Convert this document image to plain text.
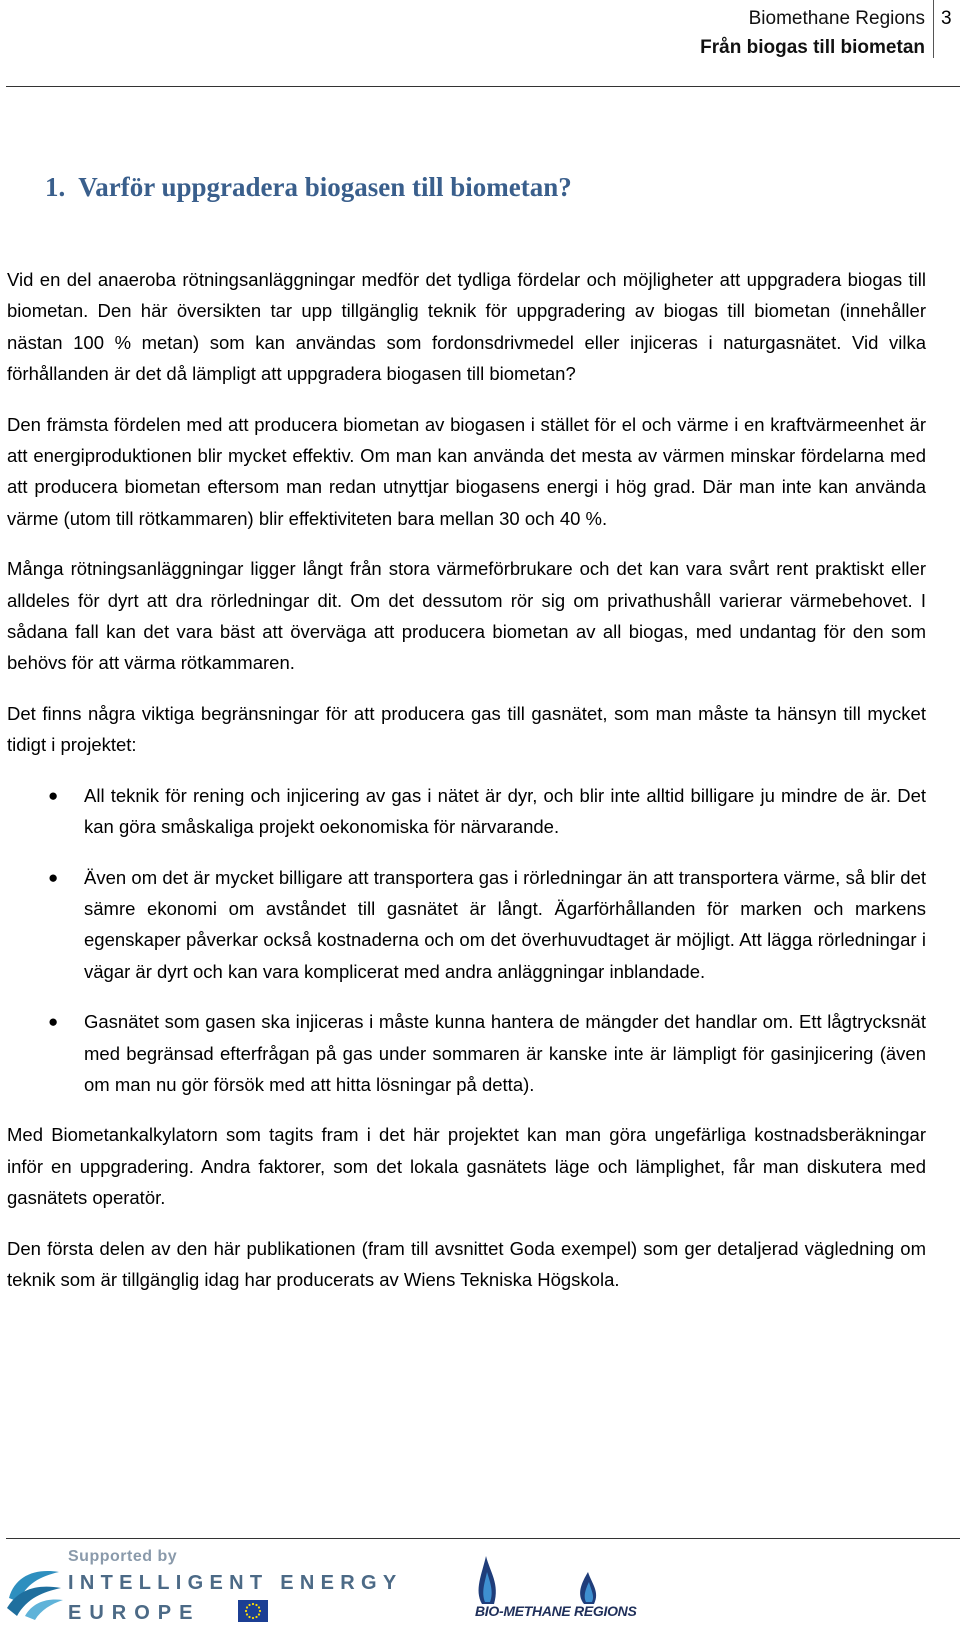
Biomethane Regions
Från biogas till biometan
3
1.  Varför uppgradera biogasen till biometan?

Vid en del anaeroba rötningsanläggningar medför det tydliga fördelar och möjligheter att uppgradera biogas till biometan. Den här översikten tar upp tillgänglig teknik för uppgradering av biogas till biometan (innehåller nästan 100 % metan) som kan användas som fordonsdrivmedel eller injiceras i naturgasnätet. Vid vilka förhållanden är det då lämpligt att uppgradera biogasen till biometan?

Den främsta fördelen med att producera biometan av biogasen i stället för el och värme i en kraftvärmeenhet är att energiproduktionen blir mycket effektiv. Om man kan använda det mesta av värmen minskar fördelarna med att producera biometan eftersom man redan utnyttjar biogasens energi i hög grad. Där man inte kan använda värme (utom till rötkammaren) blir effektiviteten bara mellan 30 och 40 %.

Många rötningsanläggningar ligger långt från stora värmeförbrukare och det kan vara svårt rent praktiskt eller alldeles för dyrt att dra rörledningar dit. Om det dessutom rör sig om privathushåll varierar värmebehovet. I sådana fall kan det vara bäst att överväga att producera biometan av all biogas, med undantag för den som behövs för att värma rötkammaren.

Det finns några viktiga begränsningar för att producera gas till gasnätet, som man måste ta hänsyn till mycket tidigt i projektet:

● All teknik för rening och injicering av gas i nätet är dyr, och blir inte alltid billigare ju mindre de är. Det kan göra småskaliga projekt oekonomiska för närvarande.
● Även om det är mycket billigare att transportera gas i rörledningar än att transportera värme, så blir det sämre ekonomi om avståndet till gasnätet är långt. Ägarförhållanden för marken och markens egenskaper påverkar också kostnaderna och om det överhuvudtaget är möjligt. Att lägga rörledningar i vägar är dyrt och kan vara komplicerat med andra anläggningar inblandade.
● Gasnätet som gasen ska injiceras i måste kunna hantera de mängder det handlar om. Ett lågtrycksnät med begränsad efterfrågan på gas under sommaren är kanske inte är lämpligt för gasinjicering (även om man nu gör försök med att hitta lösningar på detta).

Med Biometankalkylatorn som tagits fram i det här projektet kan man göra ungefärliga kostnadsberäkningar inför en uppgradering. Andra faktorer, som det lokala gasnätets läge och lämplighet, får man diskutera med gasnätets operatör.

Den första delen av den här publikationen (fram till avsnittet Goda exempel) som ger detaljerad vägledning om teknik som är tillgänglig idag har producerats av Wiens Tekniska Högskola.

Supported by
INTELLIGENT ENERGY
EUROPE	BIO-METHANE REGIONS
